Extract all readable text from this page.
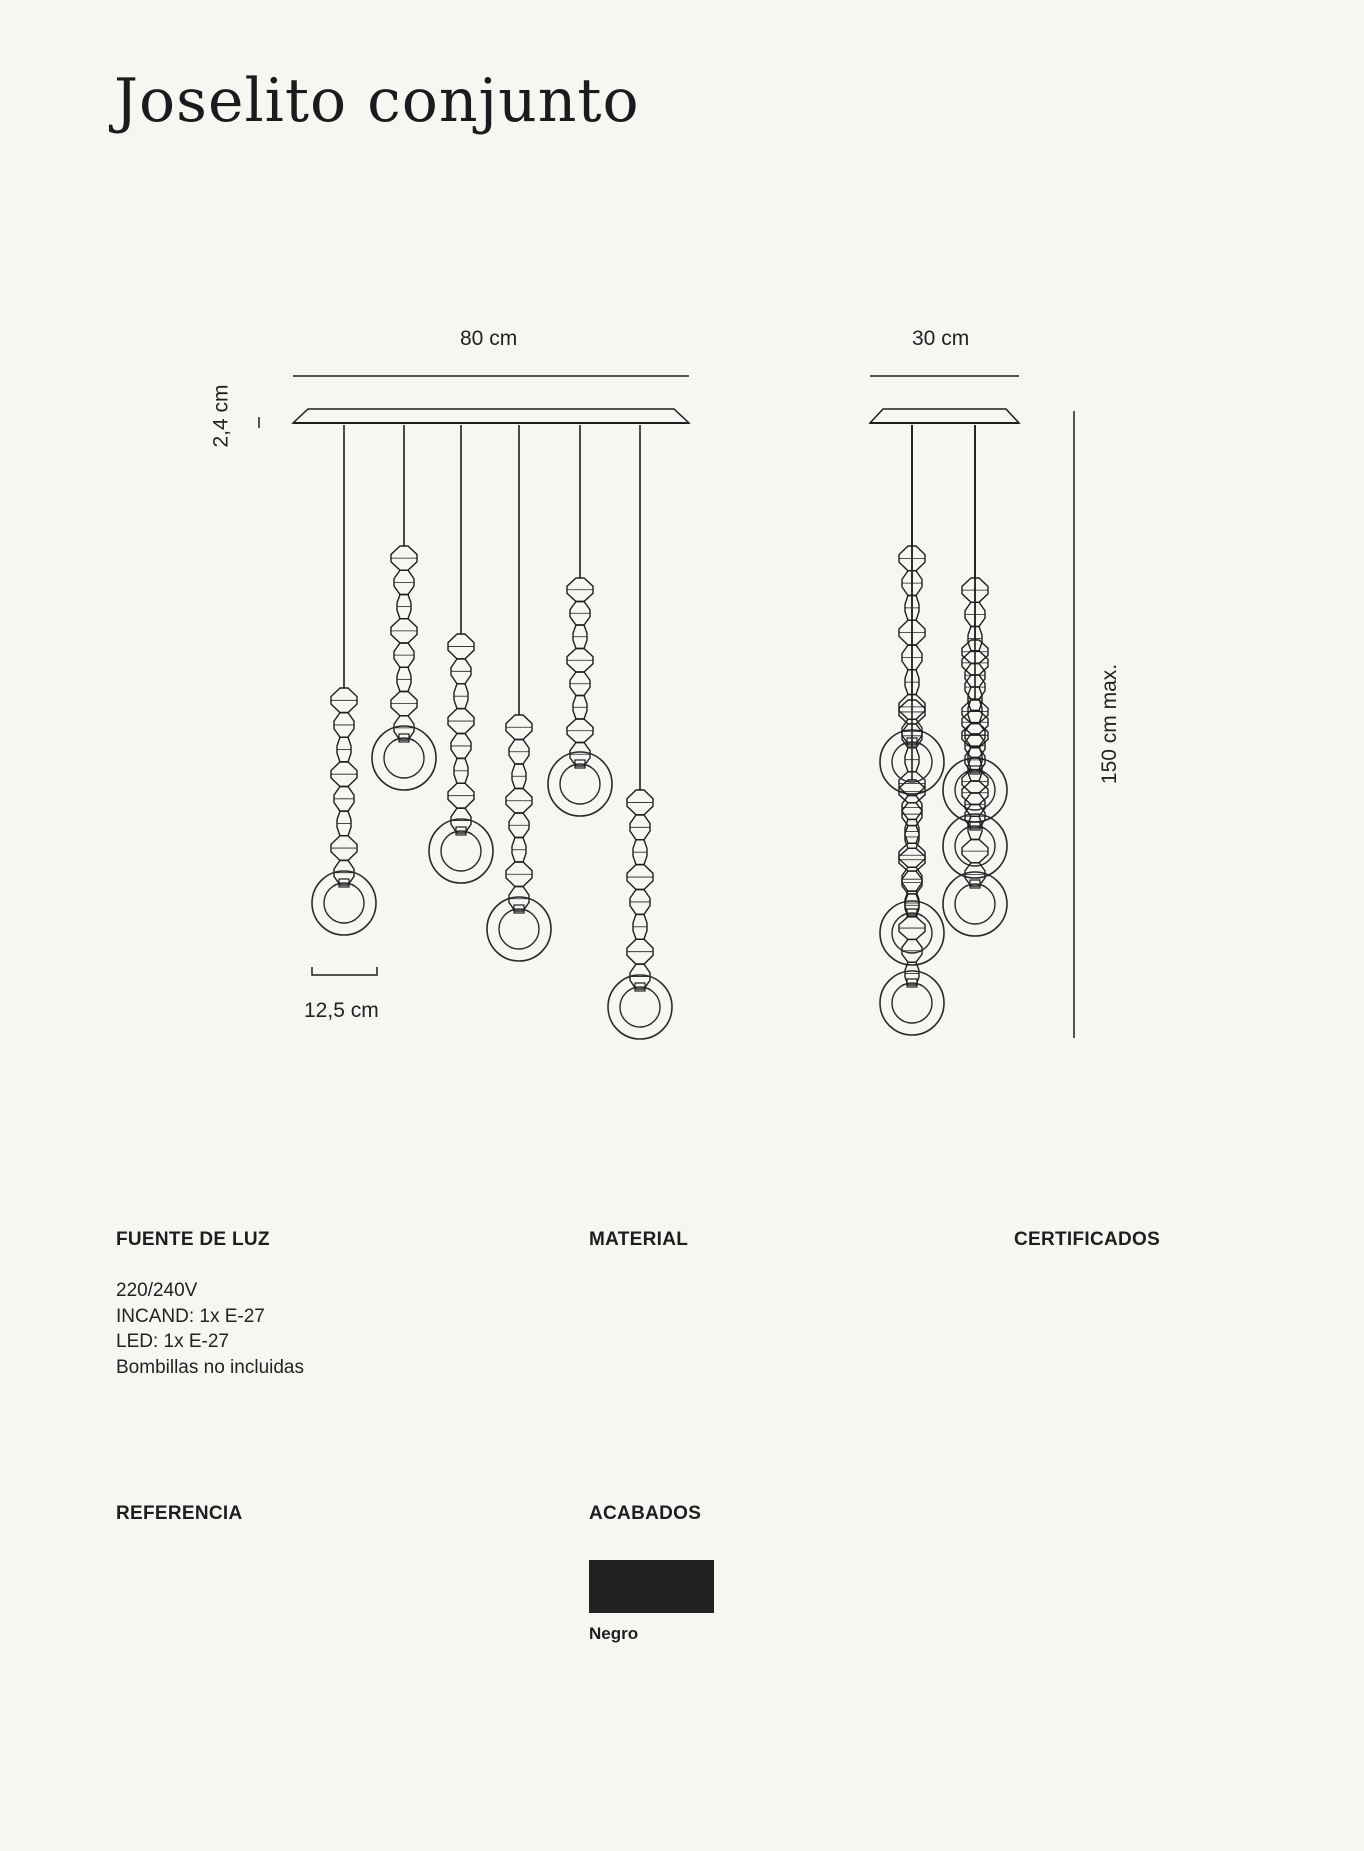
Joselito conjunto
80 cm	30 cm
2,4 cm
12,5 cm
150 cm max.
FUENTE DE LUZ
220/240V
INCAND: 1x E-27
LED: 1x E-27
Bombillas no incluidas
MATERIAL	CERTIFICADOS
REFERENCIA	ACABADOS
Negro
